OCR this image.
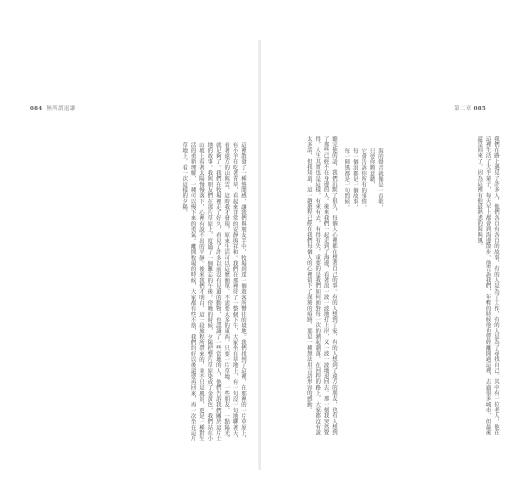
084 無所謂退讓
這裡散發了一種悠閒感，讓我們與朋友手中，牧場到達一個遊客所嚮往的境地。我們找到了這裡，在那裡的一片草原上，有小羊在吃著青草，看起來非常的安靜與祥和。我們在那裡待了一整個下午，大家坐在草地上，有一句沒一句地聊著天，看著遠方的山與雲。這時我才發現，原來生活可以這麼簡單，不需要太多的東西，只要一片草地、一些朋友、一點陽光，就足夠了。我們在牧場裡走了好久，看見了許多以前沒有見過的動物，也認識了一些當地的人，他們告訴我們關於這片土地的故事。我與朋友們在那片草原上，度過了一個難忘的午後。傍晚的時候，夕陽把整片草原染成了金黃色，我們站在小山坡上看著太陽慢慢落下，心裡有說不出的平靜。後來我們才明白，這一段旅程所帶來的，並不只是風景，更是一種對生活的重新理解，一種可以慢下來的勇氣。離開牧場的時候，大家都有些不捨，我們約好以後還要再回來，再一次坐在這片草地上，看一次這樣的夕陽。
第二章 085
我們在路上遇見了許多人，他們各自有各自的故事，有的人是為了工作，有的人是為了尋找自己。其中有一位老人，他在這裡生活了大半輩子，每天早上都會到海邊散步。他告訴我們，年輕的時候他也曾經離開過這裡，去過很多城市，但最後還是回來了，因為這裡有他最熟悉的海與風。
海的聲音就像是一首歌，
只要你願意聽，
它會告訴你所有的事情。
每一個浪都是一個故事，
每一陣風都是一句問候。
聽完他的話，我們沉默了很久，每個人心裡都在想著自己的事。有的人想到了家，有的人想到了遠方的朋友，也有人想到了那些已經不在身邊的人。後來我們一起走到了海邊，看著浪一波一波地打上岸，又一波一波地退回去。那一刻我突然覺得，人生其實也是這樣，有來有去，有得有失，重要的是我們如何面對每一次的潮起潮落。在回程的路上，大家都沒有說太多話，但我知道，這一趟旅程已經在我們每個人的心裡留下了深刻的痕跡，那是一種無法用言語形容的感動。
